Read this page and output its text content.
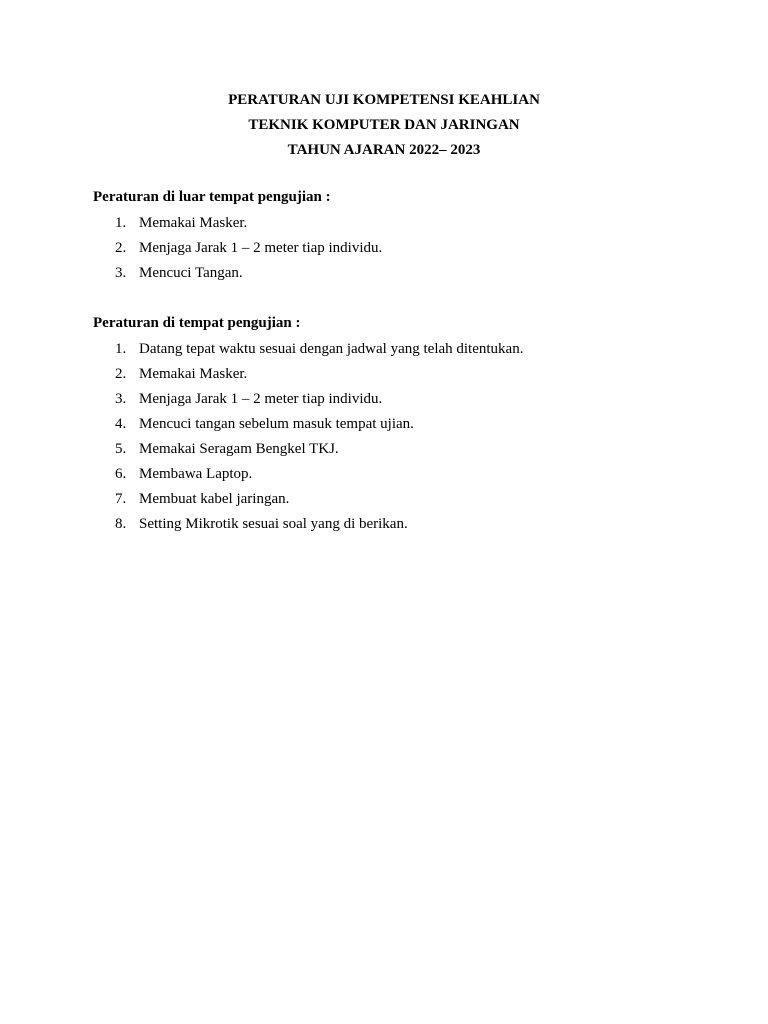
PERATURAN UJI KOMPETENSI KEAHLIAN
TEKNIK KOMPUTER DAN JARINGAN
TAHUN AJARAN 2022– 2023
Peraturan di luar tempat pengujian :
1. Memakai Masker.
2. Menjaga Jarak 1 – 2 meter tiap individu.
3. Mencuci Tangan.
Peraturan di tempat pengujian :
1. Datang tepat waktu sesuai dengan jadwal yang telah ditentukan.
2. Memakai Masker.
3. Menjaga Jarak 1 – 2 meter tiap individu.
4. Mencuci tangan sebelum masuk tempat ujian.
5. Memakai Seragam Bengkel TKJ.
6. Membawa Laptop.
7. Membuat kabel jaringan.
8. Setting Mikrotik sesuai soal yang di berikan.
